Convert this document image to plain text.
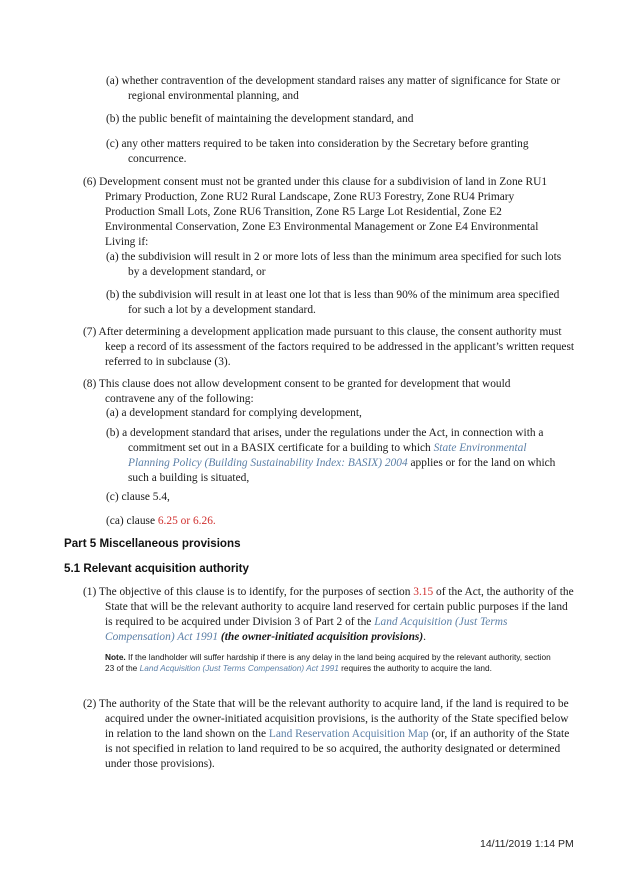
(a) whether contravention of the development standard raises any matter of significance for State or regional environmental planning, and

(b) the public benefit of maintaining the development standard, and

(c) any other matters required to be taken into consideration by the Secretary before granting concurrence.

(6) Development consent must not be granted under this clause for a subdivision of land in Zone RU1 Primary Production, Zone RU2 Rural Landscape, Zone RU3 Forestry, Zone RU4 Primary Production Small Lots, Zone RU6 Transition, Zone R5 Large Lot Residential, Zone E2 Environmental Conservation, Zone E3 Environmental Management or Zone E4 Environmental Living if:

(a) the subdivision will result in 2 or more lots of less than the minimum area specified for such lots by a development standard, or

(b) the subdivision will result in at least one lot that is less than 90% of the minimum area specified for such a lot by a development standard.

(7) After determining a development application made pursuant to this clause, the consent authority must keep a record of its assessment of the factors required to be addressed in the applicant’s written request referred to in subclause (3).

(8) This clause does not allow development consent to be granted for development that would contravene any of the following:

(a) a development standard for complying development,

(b) a development standard that arises, under the regulations under the Act, in connection with a commitment set out in a BASIX certificate for a building to which State Environmental Planning Policy (Building Sustainability Index: BASIX) 2004 applies or for the land on which such a building is situated,

(c) clause 5.4,

(ca) clause 6.25 or 6.26.

Part 5 Miscellaneous provisions

5.1 Relevant acquisition authority

(1) The objective of this clause is to identify, for the purposes of section 3.15 of the Act, the authority of the State that will be the relevant authority to acquire land reserved for certain public purposes if the land is required to be acquired under Division 3 of Part 2 of the Land Acquisition (Just Terms Compensation) Act 1991 (the owner-initiated acquisition provisions).

Note. If the landholder will suffer hardship if there is any delay in the land being acquired by the relevant authority, section 23 of the Land Acquisition (Just Terms Compensation) Act 1991 requires the authority to acquire the land.

(2) The authority of the State that will be the relevant authority to acquire land, if the land is required to be acquired under the owner-initiated acquisition provisions, is the authority of the State specified below in relation to the land shown on the Land Reservation Acquisition Map (or, if an authority of the State is not specified in relation to land required to be so acquired, the authority designated or determined under those provisions).

14/11/2019 1:14 PM
